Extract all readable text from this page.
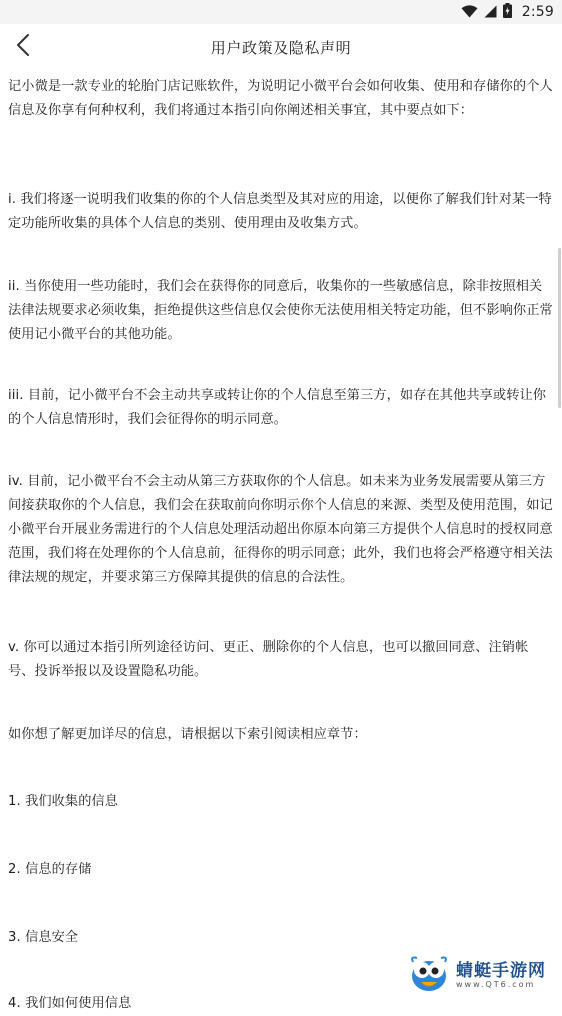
2:59
用户政策及隐私声明

记小微是一款专业的轮胎门店记账软件，为说明记小微平台会如何收集、使用和存储你的个人信息及你享有何种权利，我们将通过本指引向你阐述相关事宜，其中要点如下：

i. 我们将逐一说明我们收集的你的个人信息类型及其对应的用途，以便你了解我们针对某一特定功能所收集的具体个人信息的类别、使用理由及收集方式。

ii. 当你使用一些功能时，我们会在获得你的同意后，收集你的一些敏感信息，除非按照相关法律法规要求必须收集，拒绝提供这些信息仅会使你无法使用相关特定功能，但不影响你正常使用记小微平台的其他功能。

iii. 目前，记小微平台不会主动共享或转让你的个人信息至第三方，如存在其他共享或转让你的个人信息情形时，我们会征得你的明示同意。

iv. 目前，记小微平台不会主动从第三方获取你的个人信息。如未来为业务发展需要从第三方间接获取你的个人信息，我们会在获取前向你明示你个人信息的来源、类型及使用范围，如记小微平台开展业务需进行的个人信息处理活动超出你原本向第三方提供个人信息时的授权同意范围，我们将在处理你的个人信息前，征得你的明示同意；此外，我们也将会严格遵守相关法律法规的规定，并要求第三方保障其提供的信息的合法性。

v. 你可以通过本指引所列途径访问、更正、删除你的个人信息，也可以撤回同意、注销帐号、投诉举报以及设置隐私功能。

如你想了解更加详尽的信息，请根据以下索引阅读相应章节：

1. 我们收集的信息

2. 信息的存储

3. 信息安全

4. 我们如何使用信息

蜻蜓手游网
www.QT6.com
